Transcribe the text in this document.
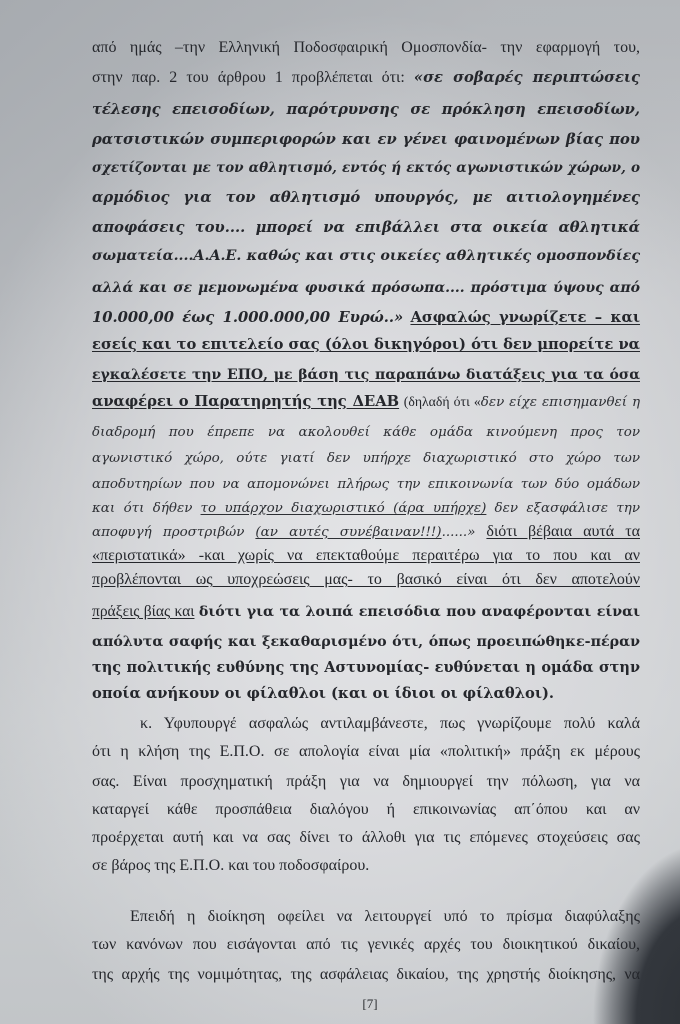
από ημάς –την Ελληνική Ποδοσφαιρική Ομοσπονδία- την εφαρμογή του,
στην παρ. 2 του άρθρου 1 προβλέπεται ότι: «σε σοβαρές περιπτώσεις
τέλεσης επεισοδίων, παρότρυνσης σε πρόκληση επεισοδίων,
ρατσιστικών συμπεριφορών και εν γένει φαινομένων βίας που
σχετίζονται με τον αθλητισμό, εντός ή εκτός αγωνιστικών χώρων, ο
αρμόδιος για τον αθλητισμό υπουργός, με αιτιολογημένες
αποφάσεις του.... μπορεί να επιβάλλει στα οικεία αθλητικά
σωματεία....Α.Α.Ε. καθώς και στις οικείες αθλητικές ομοσπονδίες
αλλά και σε μεμονωμένα φυσικά πρόσωπα.... πρόστιμα ύψους από
10.000,00 έως 1.000.000,00 Ευρώ..» Ασφαλώς γνωρίζετε – και
εσείς και το επιτελείο σας (όλοι δικηγόροι) ότι δεν μπορείτε να
εγκαλέσετε την ΕΠΟ, με βάση τις παραπάνω διατάξεις για τα όσα
αναφέρει ο Παρατηρητής της ΔΕΑΒ (δηλαδή ότι «δεν είχε επισημανθεί η
διαδρομή που έπρεπε να ακολουθεί κάθε ομάδα κινούμενη προς τον
αγωνιστικό χώρο, ούτε γιατί δεν υπήρχε διαχωριστικό στο χώρο των
αποδυτηρίων που να απομονώνει πλήρως την επικοινωνία των δύο ομάδων
και ότι δήθεν το υπάρχον διαχωριστικό (άρα υπήρχε) δεν εξασφάλισε την
αποφυγή προστριβών (αν αυτές συνέβαιναν!!!)......» διότι βέβαια αυτά τα
«περιστατικά» -και χωρίς να επεκταθούμε περαιτέρω για το που και αν
προβλέπονται ως υποχρεώσεις μας- το βασικό είναι ότι δεν αποτελούν
πράξεις βίας και διότι για τα λοιπά επεισόδια που αναφέρονται είναι
απόλυτα σαφής και ξεκαθαρισμένο ότι, όπως προειπώθηκε-πέραν
της πολιτικής ευθύνης της Αστυνομίας- ευθύνεται η ομάδα στην
οποία ανήκουν οι φίλαθλοι (και οι ίδιοι οι φίλαθλοι).
κ. Υφυπουργέ ασφαλώς αντιλαμβάνεστε, πως γνωρίζουμε πολύ καλά
ότι η κλήση της Ε.Π.Ο. σε απολογία είναι μία «πολιτική» πράξη εκ μέρους
σας. Είναι προσχηματική πράξη για να δημιουργεί την πόλωση, για να
καταργεί κάθε προσπάθεια διαλόγου ή επικοινωνίας απ΄όπου και αν
προέρχεται αυτή και να σας δίνει το άλλοθι για τις επόμενες στοχεύσεις σας
σε βάρος της Ε.Π.Ο. και του ποδοσφαίρου.
Επειδή η διοίκηση οφείλει να λειτουργεί υπό το πρίσμα διαφύλαξης
των κανόνων που εισάγονται από τις γενικές αρχές του διοικητικού δικαίου,
της αρχής της νομιμότητας, της ασφάλειας δικαίου, της χρηστής διοίκησης, να
[7]
